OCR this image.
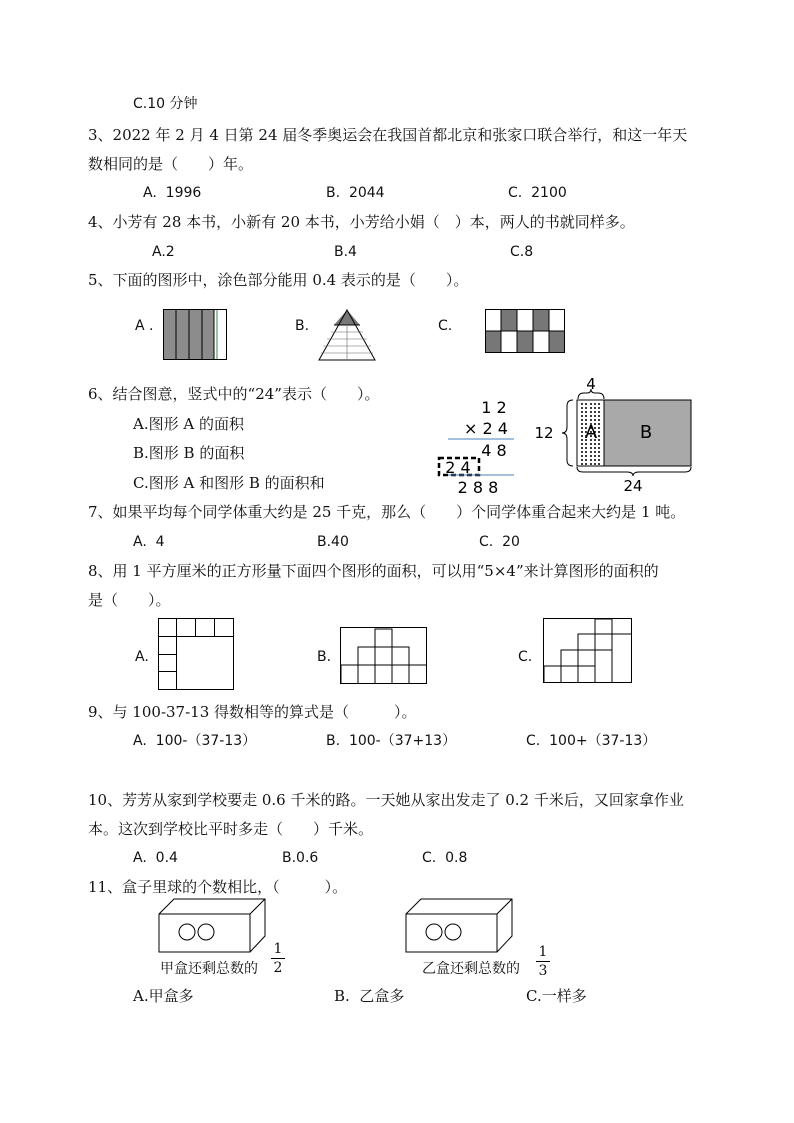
C.10 分钟
3、2022 年 2 月 4 日第 24 届冬季奥运会在我国首都北京和张家口联合举行，和这一年天
数相同的是（　　）年。
A.  1996	B.  2044	C.  2100
4、小芳有 28 本书，小新有 20 本书，小芳给小娟（　）本，两人的书就同样多。
A.2	B.4	C.8
5、下面的图形中，涂色部分能用 0.4 表示的是（　　）。
A .	B.	C.
6、结合图意，竖式中的“24”表示（　　）。
A.图形 A 的面积
B.图形 B 的面积
C.图形 A 和图形 B 的面积和
1 2
× 2 4
4 8
2 4
2 8 8
4
A B
12
24
7、如果平均每个同学体重大约是 25 千克，那么（　　）个同学体重合起来大约是 1 吨。
A.  4	B.40	C.  20
8、用 1 平方厘米的正方形量下面四个图形的面积，可以用“5×4”来计算图形的面积的
是（　　）。
A.	B.	C.
9、与 100-37-13 得数相等的算式是（　　　）。
A.  100-（37-13）	B.  100-（37+13）	C.  100+（37-13）
10、芳芳从家到学校要走 0.6 千米的路。一天她从家出发走了 0.2 千米后，又回家拿作业
本。这次到学校比平时多走（　　）千米。
A.  0.4	B.0.6	C.  0.8
11、盒子里球的个数相比，（　　　）。
甲盒还剩总数的 $\frac{1}{2}$	乙盒还剩总数的 $\frac{1}{3}$
A.甲盒多	B.  乙盒多	C.一样多
